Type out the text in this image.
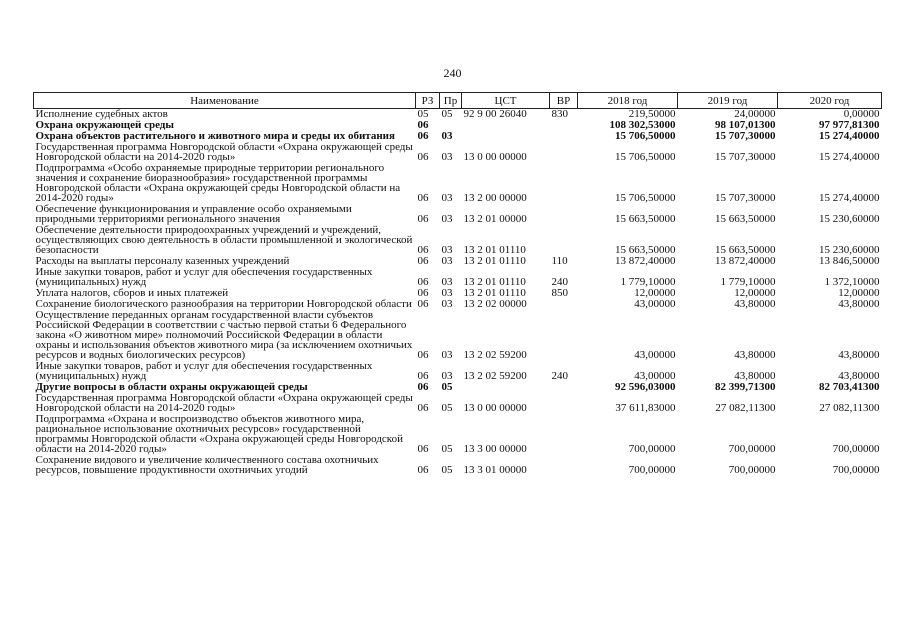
240
Наименование	РЗ	Пр	ЦСТ	ВР	2018 год	2019 год	2020 год
Исполнение судебных актов	05	05	92 9 00 26040	830	219,50000	24,00000	0,00000
Охрана окружающей среды	06				108 302,53000	98 107,01300	97 977,81300
Охрана объектов растительного и животного мира и среды их обитания	06	03			15 706,50000	15 707,30000	15 274,40000
Государственная программа Новгородской области «Охрана окружающей среды Новгородской области на 2014-2020 годы»	06	03	13 0 00 00000		15 706,50000	15 707,30000	15 274,40000
Подпрограмма «Особо охраняемые природные территории регионального значения и сохранение биоразнообразия» государственной программы Новгородской области «Охрана окружающей среды Новгородской области на 2014-2020 годы»	06	03	13 2 00 00000		15 706,50000	15 707,30000	15 274,40000
Обеспечение функционирования и управление особо охраняемыми природными территориями регионального значения	06	03	13 2 01 00000		15 663,50000	15 663,50000	15 230,60000
Обеспечение деятельности природоохранных учреждений и учреждений, осуществляющих свою деятельность в области промышленной и экологической безопасности	06	03	13 2 01 01110		15 663,50000	15 663,50000	15 230,60000
Расходы на выплаты персоналу казенных учреждений	06	03	13 2 01 01110	110	13 872,40000	13 872,40000	13 846,50000
Иные закупки товаров, работ и услуг для обеспечения государственных (муниципальных) нужд	06	03	13 2 01 01110	240	1 779,10000	1 779,10000	1 372,10000
Уплата налогов, сборов и иных платежей	06	03	13 2 01 01110	850	12,00000	12,00000	12,00000
Сохранение биологического разнообразия на территории Новгородской области	06	03	13 2 02 00000		43,00000	43,80000	43,80000
Осуществление переданных органам государственной власти субъектов Российской Федерации в соответствии с частью первой статьи 6 Федерального закона «О животном мире» полномочий Российской Федерации в области охраны и использования объектов животного мира (за исключением охотничьих ресурсов и водных биологических ресурсов)	06	03	13 2 02 59200		43,00000	43,80000	43,80000
Иные закупки товаров, работ и услуг для обеспечения государственных (муниципальных) нужд	06	03	13 2 02 59200	240	43,00000	43,80000	43,80000
Другие вопросы в области охраны окружающей среды	06	05			92 596,03000	82 399,71300	82 703,41300
Государственная программа Новгородской области «Охрана окружающей среды Новгородской области на 2014-2020 годы»	06	05	13 0 00 00000		37 611,83000	27 082,11300	27 082,11300
Подпрограмма «Охрана и воспроизводство объектов животного мира, рациональное использование охотничьих ресурсов» государственной программы Новгородской области «Охрана окружающей среды Новгородской области на 2014-2020 годы»	06	05	13 3 00 00000		700,00000	700,00000	700,00000
Сохранение видового и увеличение количественного состава охотничьих ресурсов, повышение продуктивности охотничьих угодий	06	05	13 3 01 00000		700,00000	700,00000	700,00000
